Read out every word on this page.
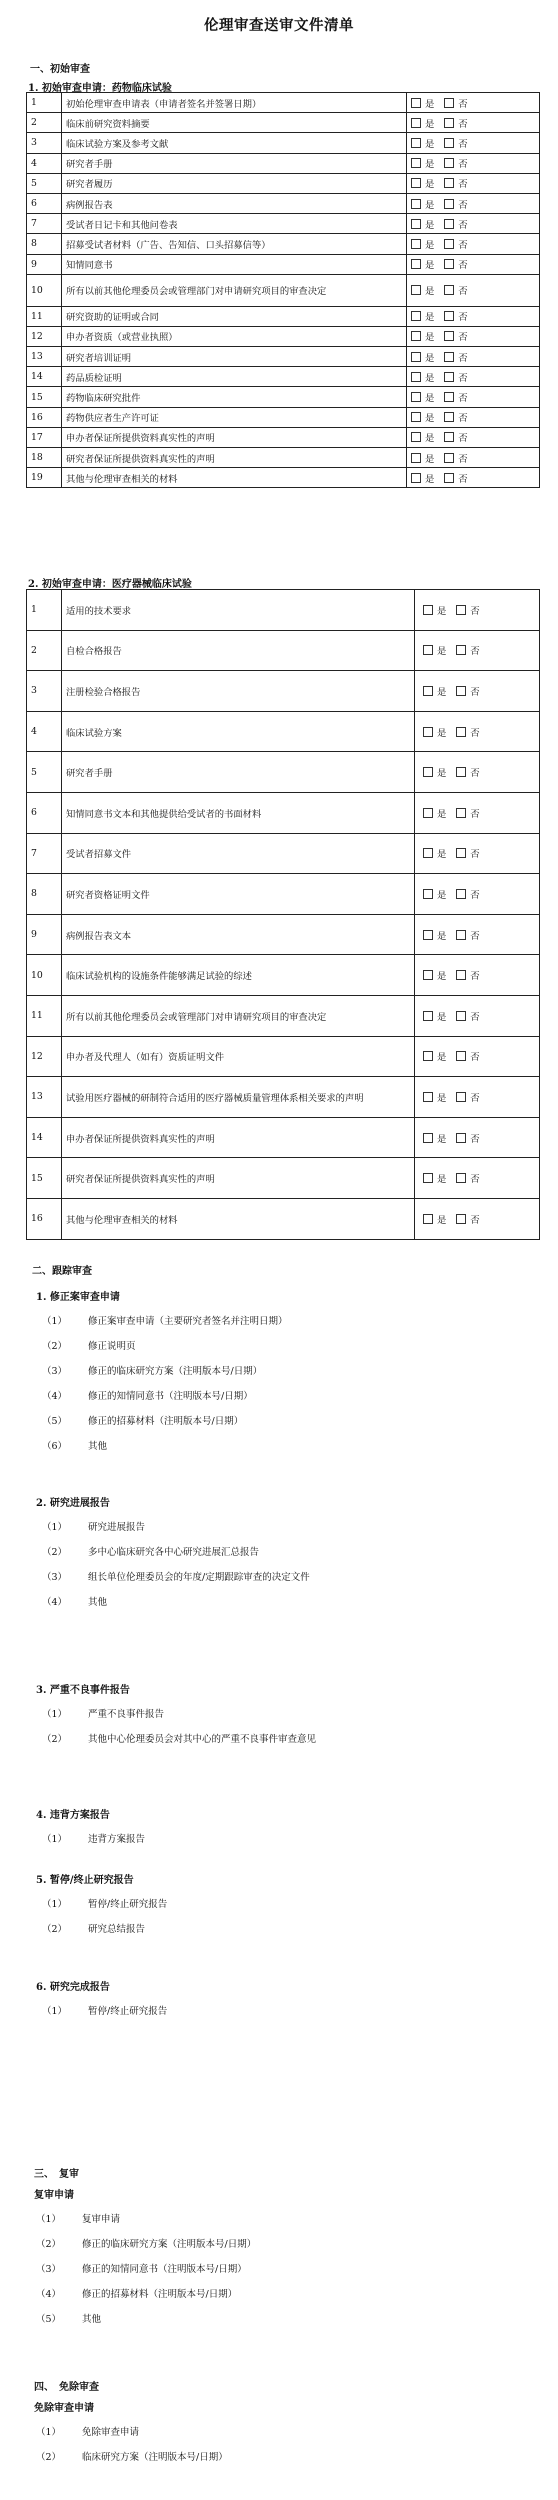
伦理审查送审文件清单
一、初始审查
1. 初始审查申请：药物临床试验
1	初始伦理审查申请表（申请者签名并签署日期）	是 否
2	临床前研究资料摘要	是 否
3	临床试验方案及参考文献	是 否
4	研究者手册	是 否
5	研究者履历	是 否
6	病例报告表	是 否
7	受试者日记卡和其他问卷表	是 否
8	招募受试者材料（广告、告知信、口头招募信等）	是 否
9	知情同意书	是 否
10	所有以前其他伦理委员会或管理部门对申请研究项目的审查决定	是 否
11	研究资助的证明或合同	是 否
12	申办者资质（或营业执照）	是 否
13	研究者培训证明	是 否
14	药品质检证明	是 否
15	药物临床研究批件	是 否
16	药物供应者生产许可证	是 否
17	申办者保证所提供资料真实性的声明	是 否
18	研究者保证所提供资料真实性的声明	是 否
19	其他与伦理审查相关的材料	是 否
2. 初始审查申请：医疗器械临床试验
1	适用的技术要求	是 否
2	自检合格报告	是 否
3	注册检验合格报告	是 否
4	临床试验方案	是 否
5	研究者手册	是 否
6	知情同意书文本和其他提供给受试者的书面材料	是 否
7	受试者招募文件	是 否
8	研究者资格证明文件	是 否
9	病例报告表文本	是 否
10	临床试验机构的设施条件能够满足试验的综述	是 否
11	所有以前其他伦理委员会或管理部门对申请研究项目的审查决定	是 否
12	申办者及代理人（如有）资质证明文件	是 否
13	试验用医疗器械的研制符合适用的医疗器械质量管理体系相关要求的声明	是 否
14	申办者保证所提供资料真实性的声明	是 否
15	研究者保证所提供资料真实性的声明	是 否
16	其他与伦理审查相关的材料	是 否
二、跟踪审查
1. 修正案审查申请
（1） 修正案审查申请（主要研究者签名并注明日期）
（2） 修正说明页
（3） 修正的临床研究方案（注明版本号/日期）
（4） 修正的知情同意书（注明版本号/日期）
（5） 修正的招募材料（注明版本号/日期）
（6） 其他
2. 研究进展报告
（1） 研究进展报告
（2） 多中心临床研究各中心研究进展汇总报告
（3） 组长单位伦理委员会的年度/定期跟踪审查的决定文件
（4） 其他
3. 严重不良事件报告
（1） 严重不良事件报告
（2） 其他中心伦理委员会对其中心的严重不良事件审查意见
4. 违背方案报告
（1） 违背方案报告
5. 暂停/终止研究报告
（1） 暂停/终止研究报告
（2） 研究总结报告
6. 研究完成报告
（1） 暂停/终止研究报告
三、　复审
复审申请
（1） 复审申请
（2） 修正的临床研究方案（注明版本号/日期）
（3） 修正的知情同意书（注明版本号/日期）
（4） 修正的招募材料（注明版本号/日期）
（5） 其他
四、　免除审查
免除审查申请
（1） 免除审查申请
（2） 临床研究方案（注明版本号/日期）
